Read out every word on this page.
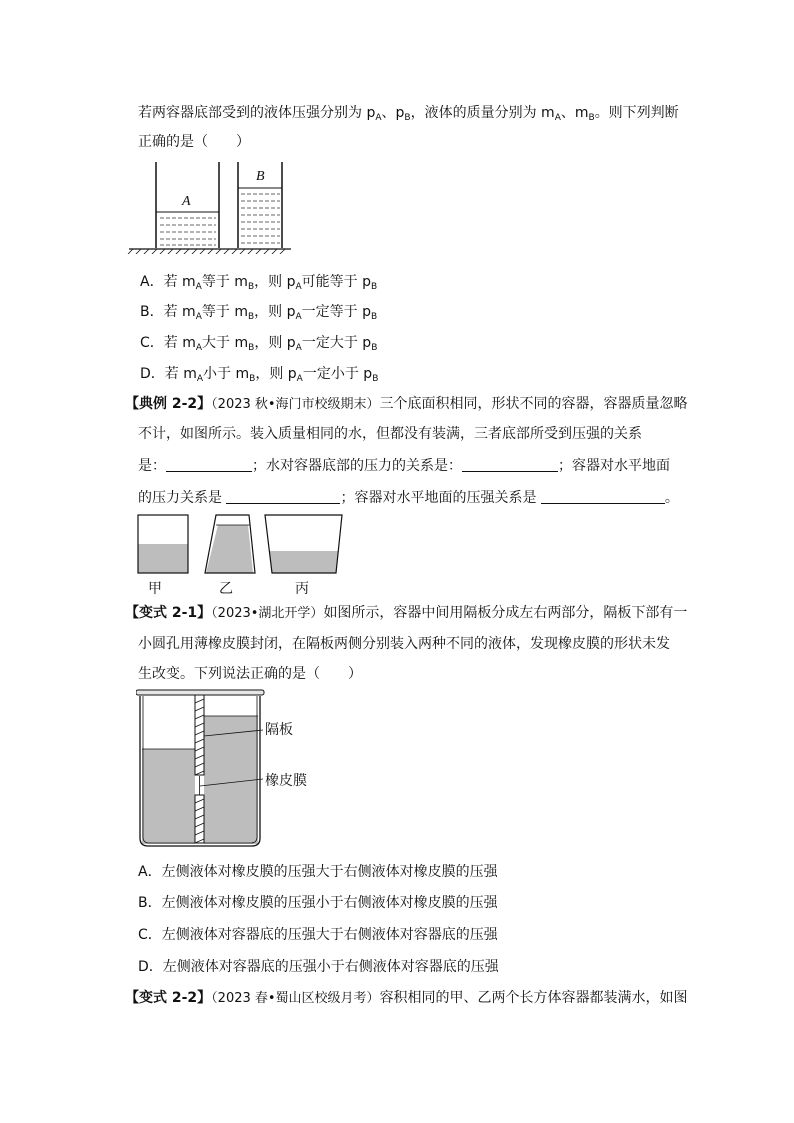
若两容器底部受到的液体压强分别为 $p_A$、$p_B$，液体的质量分别为 $m_A$、$m_B$。则下列判断
正确的是（　　）
A
B
A．若 $m_A$等于 $m_B$，则 $p_A$可能等于 $p_B$
B．若 $m_A$等于 $m_B$，则 $p_A$一定等于 $p_B$
C．若 $m_A$大于 $m_B$，则 $p_A$一定大于 $p_B$
D．若 $m_A$小于 $m_B$，则 $p_A$一定小于 $p_B$
【典例 2-2】（2023 秋•海门市校级期末）三个底面积相同，形状不同的容器，容器质量忽略
不计，如图所示。装入质量相同的水，但都没有装满，三者底部所受到压强的关系
是：	；水对容器底部的压力的关系是：	；容器对水平地面
的压力关系是	；容器对水平地面的压强关系是	。
甲	乙	丙
【变式 2-1】（2023•湖北开学）如图所示，容器中间用隔板分成左右两部分，隔板下部有一
小圆孔用薄橡皮膜封闭，在隔板两侧分别装入两种不同的液体，发现橡皮膜的形状未发
生改变。下列说法正确的是（　　）
隔板
橡皮膜
A．左侧液体对橡皮膜的压强大于右侧液体对橡皮膜的压强
B．左侧液体对橡皮膜的压强小于右侧液体对橡皮膜的压强
C．左侧液体对容器底的压强大于右侧液体对容器底的压强
D．左侧液体对容器底的压强小于右侧液体对容器底的压强
【变式 2-2】（2023 春•蜀山区校级月考）容积相同的甲、乙两个长方体容器都装满水，如图
